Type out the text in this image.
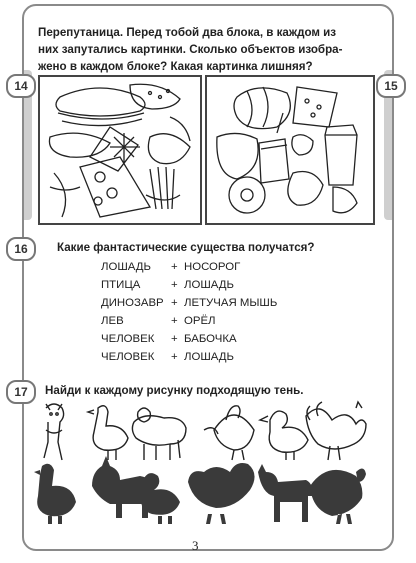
14
Перепутаница. Перед тобой два блока, в каждом из
них запутались картинки. Сколько объектов изобра-
жено в каждом блоке? Какая картинка лишняя?
15
16	Какие фантастические существа получатся?
ЛОШАДЬ
ПТИЦА
ДИНОЗАВР
ЛЕВ
ЧЕЛОВЕК
ЧЕЛОВЕК
+
+
+
+
+
+
НОСОРОГ
ЛОШАДЬ
ЛЕТУЧАЯ МЫШЬ
ОРЁЛ
БАБОЧКА
ЛОШАДЬ
17	Найди к каждому рисунку подходящую тень.
3
